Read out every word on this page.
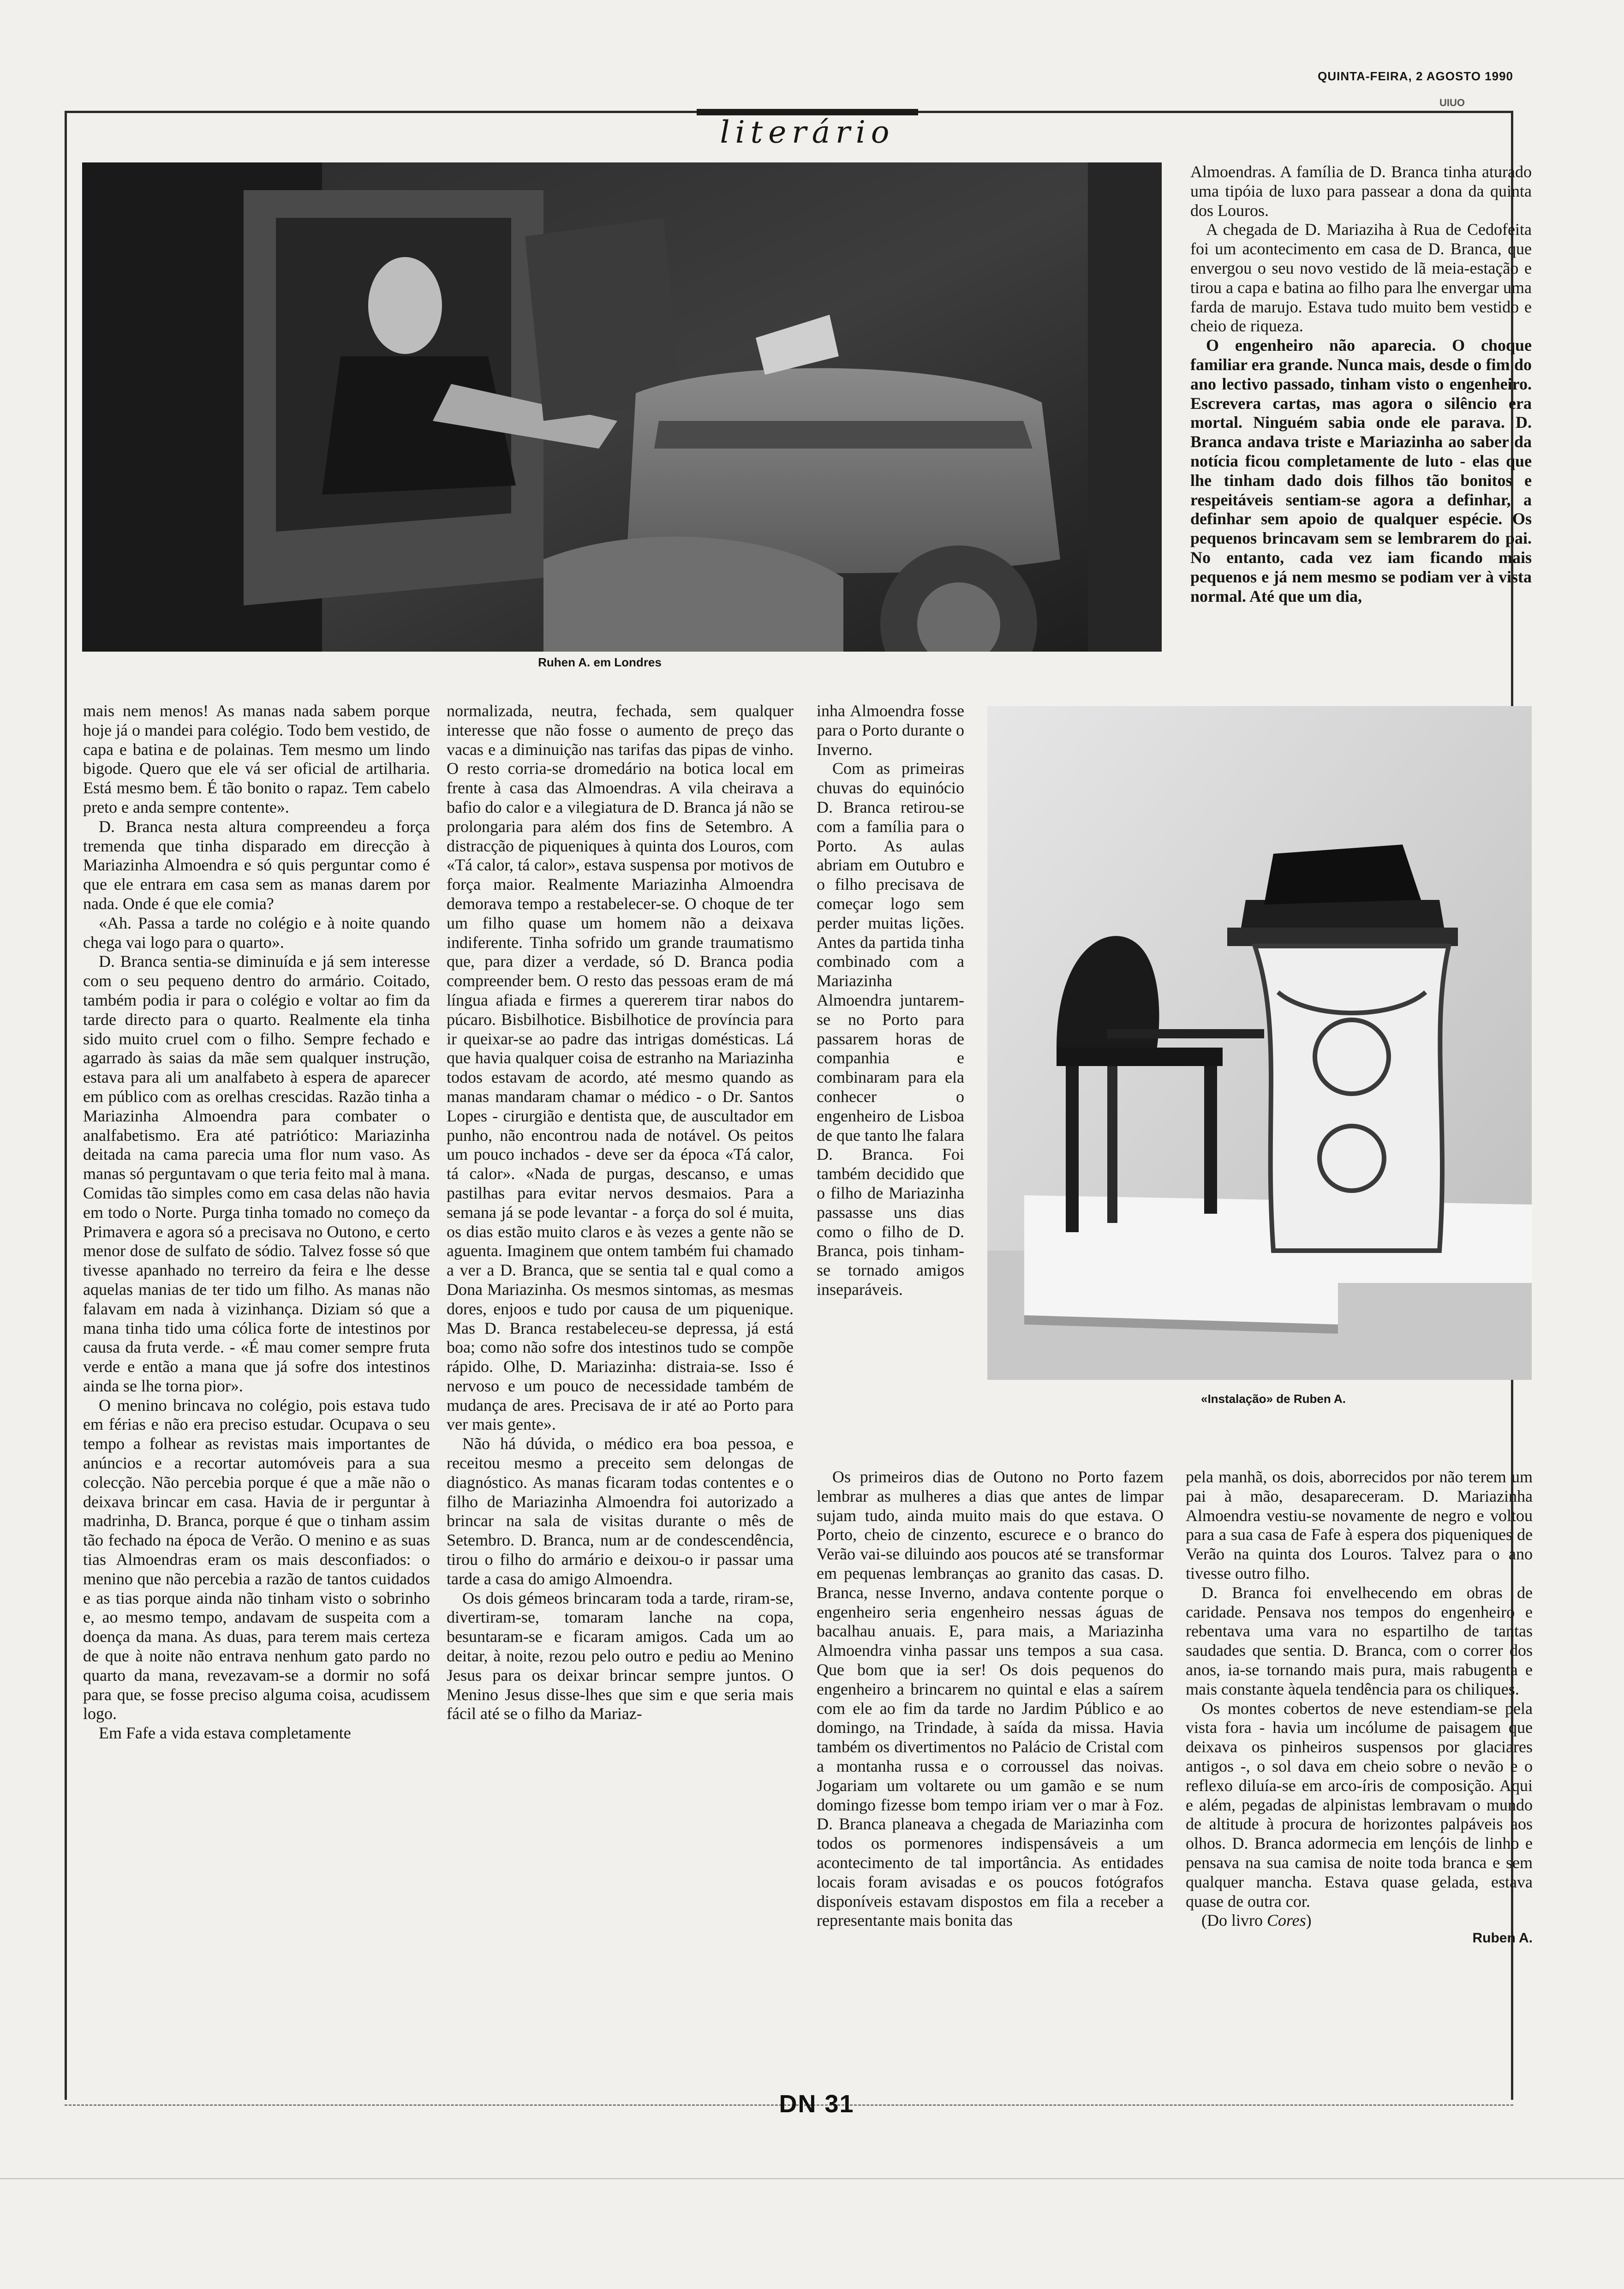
QUINTA-FEIRA, 2 AGOSTO 1990
UIUO
literário
Ruhen A. em Londres

Almoendras. A família de D. Branca tinha aturado uma tipóia de luxo para passear a dona da quinta dos Louros.

A chegada de D. Mariaziha à Rua de Cedofeita foi um acontecimento em casa de D. Branca, que envergou o seu novo vestido de lã meia-estação e tirou a capa e batina ao filho para lhe envergar uma farda de marujo. Estava tudo muito bem vestido e cheio de riqueza.

O engenheiro não aparecia. O choque familiar era grande. Nunca mais, desde o fim do ano lectivo passado, tinham visto o engenheiro. Escrevera cartas, mas agora o silêncio era mortal. Ninguém sabia onde ele parava. D. Branca andava triste e Mariazinha ao saber da notícia ficou completamente de luto - elas que lhe tinham dado dois filhos tão bonitos e respeitáveis sentiam-se agora a definhar, a definhar sem apoio de qualquer espécie. Os pequenos brincavam sem se lembrarem do pai. No entanto, cada vez iam ficando mais pequenos e já nem mesmo se podiam ver à vista normal. Até que um dia,

mais nem menos! As manas nada sabem porque hoje já o mandei para colégio. Todo bem vestido, de capa e batina e de polainas. Tem mesmo um lindo bigode. Quero que ele vá ser oficial de artilharia. Está mesmo bem. É tão bonito o rapaz. Tem cabelo preto e anda sempre contente».

D. Branca nesta altura compreendeu a força tremenda que tinha disparado em direcção à Mariazinha Almoendra e só quis perguntar como é que ele entrara em casa sem as manas darem por nada. Onde é que ele comia?

«Ah. Passa a tarde no colégio e à noite quando chega vai logo para o quarto».

D. Branca sentia-se diminuída e já sem interesse com o seu pequeno dentro do armário. Coitado, também podia ir para o colégio e voltar ao fim da tarde directo para o quarto. Realmente ela tinha sido muito cruel com o filho. Sempre fechado e agarrado às saias da mãe sem qualquer instrução, estava para ali um analfabeto à espera de aparecer em público com as orelhas crescidas. Razão tinha a Mariazinha Almoendra para combater o analfabetismo. Era até patriótico: Mariazinha deitada na cama parecia uma flor num vaso. As manas só perguntavam o que teria feito mal à mana. Comidas tão simples como em casa delas não havia em todo o Norte. Purga tinha tomado no começo da Primavera e agora só a precisava no Outono, e certo menor dose de sulfato de sódio. Talvez fosse só que tivesse apanhado no terreiro da feira e lhe desse aquelas manias de ter tido um filho. As manas não falavam em nada à vizinhança. Diziam só que a mana tinha tido uma cólica forte de intestinos por causa da fruta verde. - «É mau comer sempre fruta verde e então a mana que já sofre dos intestinos ainda se lhe torna pior».

O menino brincava no colégio, pois estava tudo em férias e não era preciso estudar. Ocupava o seu tempo a folhear as revistas mais importantes de anúncios e a recortar automóveis para a sua colecção. Não percebia porque é que a mãe não o deixava brincar em casa. Havia de ir perguntar à madrinha, D. Branca, porque é que o tinham assim tão fechado na época de Verão. O menino e as suas tias Almoendras eram os mais desconfiados: o menino que não percebia a razão de tantos cuidados e as tias porque ainda não tinham visto o sobrinho e, ao mesmo tempo, andavam de suspeita com a doença da mana. As duas, para terem mais certeza de que à noite não entrava nenhum gato pardo no quarto da mana, revezavam-se a dormir no sofá para que, se fosse preciso alguma coisa, acudissem logo.

Em Fafe a vida estava completamente

normalizada, neutra, fechada, sem qualquer interesse que não fosse o aumento de preço das vacas e a diminuição nas tarifas das pipas de vinho. O resto corria-se dromedário na botica local em frente à casa das Almoendras. A vila cheirava a bafio do calor e a vilegiatura de D. Branca já não se prolongaria para além dos fins de Setembro. A distracção de piqueniques à quinta dos Louros, com «Tá calor, tá calor», estava suspensa por motivos de força maior. Realmente Mariazinha Almoendra demorava tempo a restabelecer-se. O choque de ter um filho quase um homem não a deixava indiferente. Tinha sofrido um grande traumatismo que, para dizer a verdade, só D. Branca podia compreender bem. O resto das pessoas eram de má língua afiada e firmes a quererem tirar nabos do púcaro. Bisbilhotice. Bisbilhotice de província para ir queixar-se ao padre das intrigas domésticas. Lá que havia qualquer coisa de estranho na Mariazinha todos estavam de acordo, até mesmo quando as manas mandaram chamar o médico - o Dr. Santos Lopes - cirurgião e dentista que, de auscultador em punho, não encontrou nada de notável. Os peitos um pouco inchados - deve ser da época «Tá calor, tá calor». «Nada de purgas, descanso, e umas pastilhas para evitar nervos desmaios. Para a semana já se pode levantar - a força do sol é muita, os dias estão muito claros e às vezes a gente não se aguenta. Imaginem que ontem também fui chamado a ver a D. Branca, que se sentia tal e qual como a Dona Mariazinha. Os mesmos sintomas, as mesmas dores, enjoos e tudo por causa de um piquenique. Mas D. Branca restabeleceu-se depressa, já está boa; como não sofre dos intestinos tudo se compõe rápido. Olhe, D. Mariazinha: distraia-se. Isso é nervoso e um pouco de necessidade também de mudança de ares. Precisava de ir até ao Porto para ver mais gente».

Não há dúvida, o médico era boa pessoa, e receitou mesmo a preceito sem delongas de diagnóstico. As manas ficaram todas contentes e o filho de Mariazinha Almoendra foi autorizado a brincar na sala de visitas durante o mês de Setembro. D. Branca, num ar de condescendência, tirou o filho do armário e deixou-o ir passar uma tarde a casa do amigo Almoendra.

Os dois gémeos brincaram toda a tarde, riram-se, divertiram-se, tomaram lanche na copa, besuntaram-se e ficaram amigos. Cada um ao deitar, à noite, rezou pelo outro e pediu ao Menino Jesus para os deixar brincar sempre juntos. O Menino Jesus disse-lhes que sim e que seria mais fácil até se o filho da Mariaz-

inha Almoendra fosse para o Porto durante o Inverno.

Com as primeiras chuvas do equinócio D. Branca retirou-se com a família para o Porto. As aulas abriam em Outubro e o filho precisava de começar logo sem perder muitas lições. Antes da partida tinha combinado com a Mariazinha Almoendra juntarem-se no Porto para passarem horas de companhia e combinaram para ela conhecer o engenheiro de Lisboa de que tanto lhe falara D. Branca. Foi também decidido que o filho de Mariazinha passasse uns dias como o filho de D. Branca, pois tinham-se tornado amigos inseparáveis.

«Instalação» de Ruben A.

Os primeiros dias de Outono no Porto fazem lembrar as mulheres a dias que antes de limpar sujam tudo, ainda muito mais do que estava. O Porto, cheio de cinzento, escurece e o branco do Verão vai-se diluindo aos poucos até se transformar em pequenas lembranças ao granito das casas. D. Branca, nesse Inverno, andava contente porque o engenheiro seria engenheiro nessas águas de bacalhau anuais. E, para mais, a Mariazinha Almoendra vinha passar uns tempos a sua casa. Que bom que ia ser! Os dois pequenos do engenheiro a brincarem no quintal e elas a saírem com ele ao fim da tarde no Jardim Público e ao domingo, na Trindade, à saída da missa. Havia também os divertimentos no Palácio de Cristal com a montanha russa e o corroussel das noivas. Jogariam um voltarete ou um gamão e se num domingo fizesse bom tempo iriam ver o mar à Foz. D. Branca planeava a chegada de Mariazinha com todos os pormenores indispensáveis a um acontecimento de tal importância. As entidades locais foram avisadas e os poucos fotógrafos disponíveis estavam dispostos em fila a receber a representante mais bonita das

pela manhã, os dois, aborrecidos por não terem um pai à mão, desapareceram. D. Mariazinha Almoendra vestiu-se novamente de negro e voltou para a sua casa de Fafe à espera dos piqueniques de Verão na quinta dos Louros. Talvez para o ano tivesse outro filho.

D. Branca foi envelhecendo em obras de caridade. Pensava nos tempos do engenheiro e rebentava uma vara no espartilho de tantas saudades que sentia. D. Branca, com o correr dos anos, ia-se tornando mais pura, mais rabugenta e mais constante àquela tendência para os chiliques.

Os montes cobertos de neve estendiam-se pela vista fora - havia um incólume de paisagem que deixava os pinheiros suspensos por glaciares antigos -, o sol dava em cheio sobre o nevão e o reflexo diluía-se em arco-íris de composição. Aqui e além, pegadas de alpinistas lembravam o mundo de altitude à procura de horizontes palpáveis aos olhos. D. Branca adormecia em lençóis de linho e pensava na sua camisa de noite toda branca e sem qualquer mancha. Estava quase gelada, estava quase de outra cor.

(Do livro Cores)

Ruben A.
DN 31
